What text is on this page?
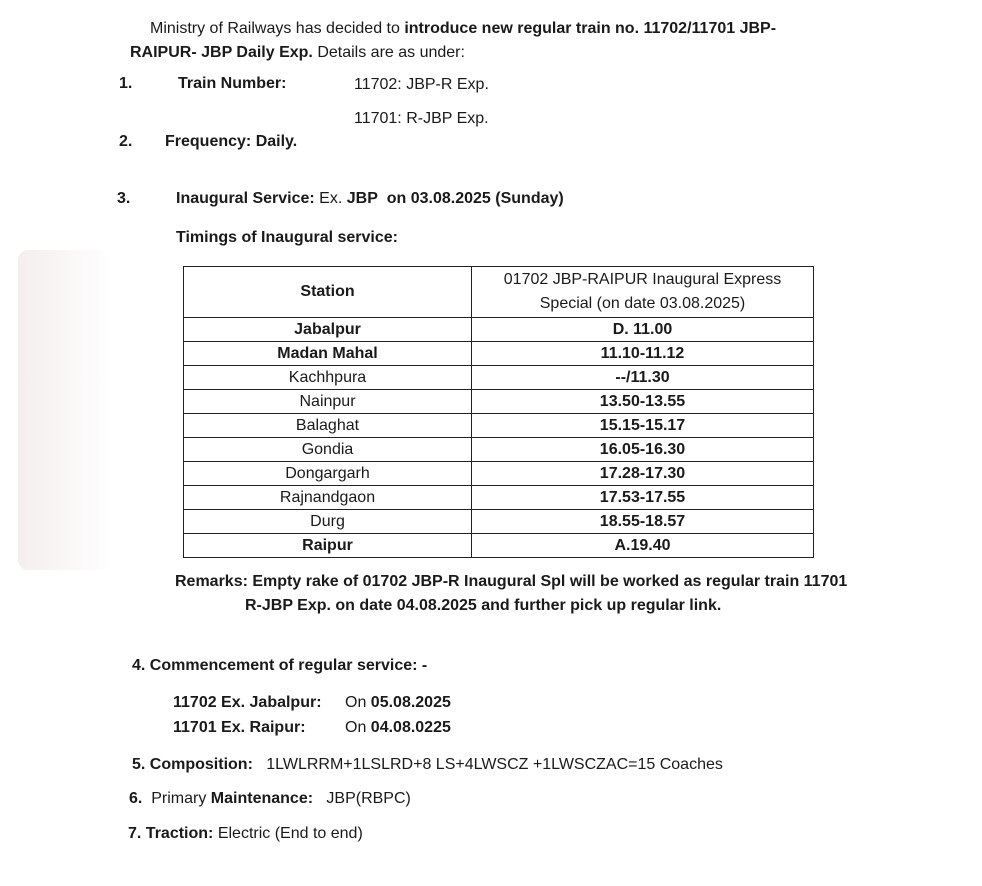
Ministry of Railways has decided to introduce new regular train no. 11702/11701 JBP-
RAIPUR- JBP Daily Exp. Details are as under:
1.	Train Number:	11702: JBP-R Exp.
11701: R-JBP Exp.
2. Frequency: Daily.
3.	Inaugural Service: Ex. JBP on 03.08.2025 (Sunday)
Timings of Inaugural service:
Station	01702 JBP-RAIPUR Inaugural Express
Special (on date 03.08.2025)

Jabalpur	D. 11.00
Madan Mahal	11.10-11.12
Kachhpura	--/11.30
Nainpur	13.50-13.55
Balaghat	15.15-15.17
Gondia	16.05-16.30
Dongargarh	17.28-17.30
Rajnandgaon	17.53-17.55
Durg	18.55-18.57
Raipur	A.19.40
Remarks: Empty rake of 01702 JBP-R Inaugural Spl will be worked as regular train 11701
R-JBP Exp. on date 04.08.2025 and further pick up regular link.
4. Commencement of regular service: -
11702 Ex. Jabalpur: On 05.08.2025
11701 Ex. Raipur: On 04.08.0225
5. Composition: 1LWLRRM+1LSLRD+8 LS+4LWSCZ +1LWSCZAC=15 Coaches
6. Primary Maintenance: JBP(RBPC)
7. Traction: Electric (End to end)
